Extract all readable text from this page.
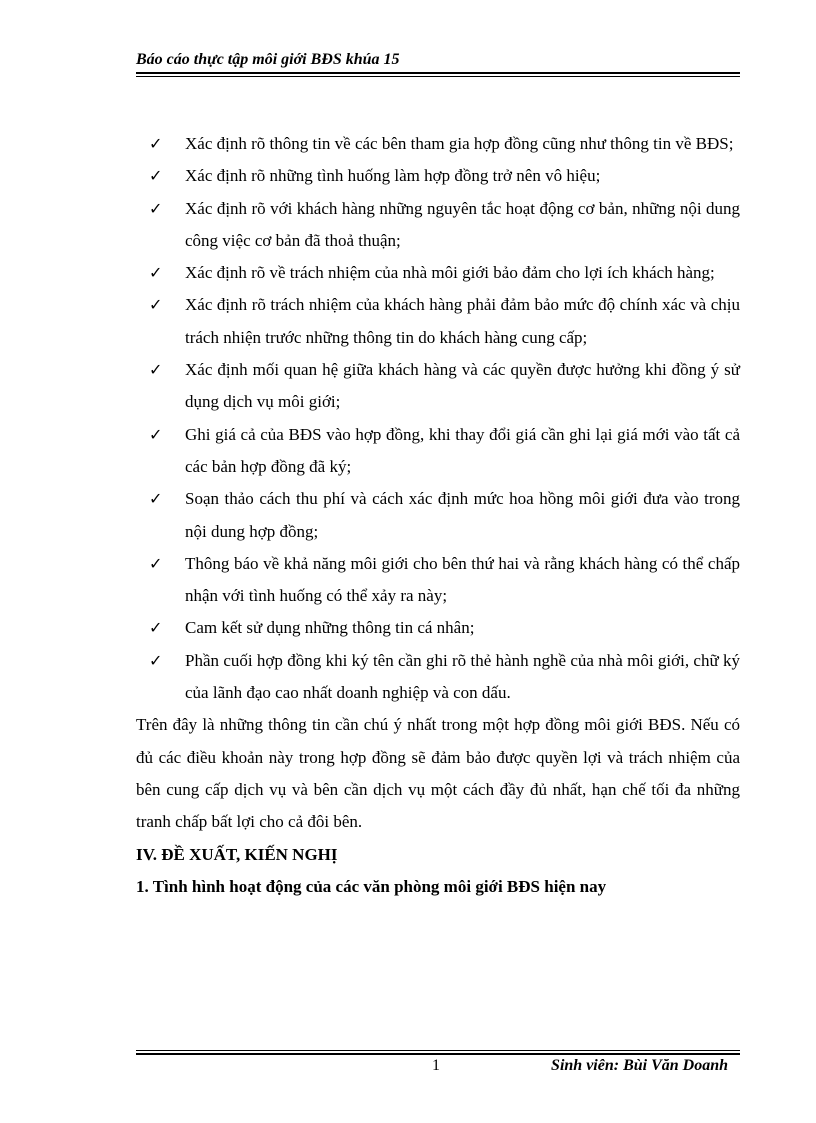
Báo cáo thực tập môi giới BĐS khúa 15
✓ Xác định rõ thông tin về các bên tham gia hợp đồng cũng như thông tin về BĐS;
✓ Xác định rõ những tình huống làm hợp đồng trở nên vô hiệu;
✓ Xác định rõ với khách hàng những nguyên tắc hoạt động cơ bản, những nội dung công việc cơ bản đã thoả thuận;
✓ Xác định rõ về trách nhiệm của nhà môi giới bảo đảm cho lợi ích khách hàng;
✓ Xác định rõ trách nhiệm của khách hàng phải đảm bảo mức độ chính xác và chịu trách nhiện trước những thông tin do khách hàng cung cấp;
✓ Xác định mối quan hệ giữa khách hàng và các quyền được hưởng khi đồng ý sử dụng dịch vụ môi giới;
✓ Ghi giá cả của BĐS vào hợp đồng, khi thay đổi giá cần ghi lại giá mới vào tất cả các bản hợp đồng đã ký;
✓ Soạn thảo cách thu phí và cách xác định mức hoa hồng môi giới đưa vào trong nội dung hợp đồng;
✓ Thông báo về khả năng môi giới cho bên thứ hai và rằng khách hàng có thể chấp nhận với tình huống có thể xảy ra này;
✓ Cam kết sử dụng những thông tin cá nhân;
✓ Phần cuối hợp đồng khi ký tên cần ghi rõ thẻ hành nghề của nhà môi giới, chữ ký của lãnh đạo cao nhất doanh nghiệp và con dấu.
Trên đây là những thông tin cần chú ý nhất trong một hợp đồng môi giới BĐS. Nếu có đủ các điều khoản này trong hợp đồng sẽ đảm bảo được quyền lợi và trách nhiệm của bên cung cấp dịch vụ và bên cần dịch vụ một cách đầy đủ nhất, hạn chế tối đa những tranh chấp bất lợi cho cả đôi bên.
IV. ĐỀ XUẤT, KIẾN NGHỊ
1. Tình hình hoạt động của các văn phòng môi giới BĐS hiện nay
1	Sinh viên: Bùi Văn Doanh
